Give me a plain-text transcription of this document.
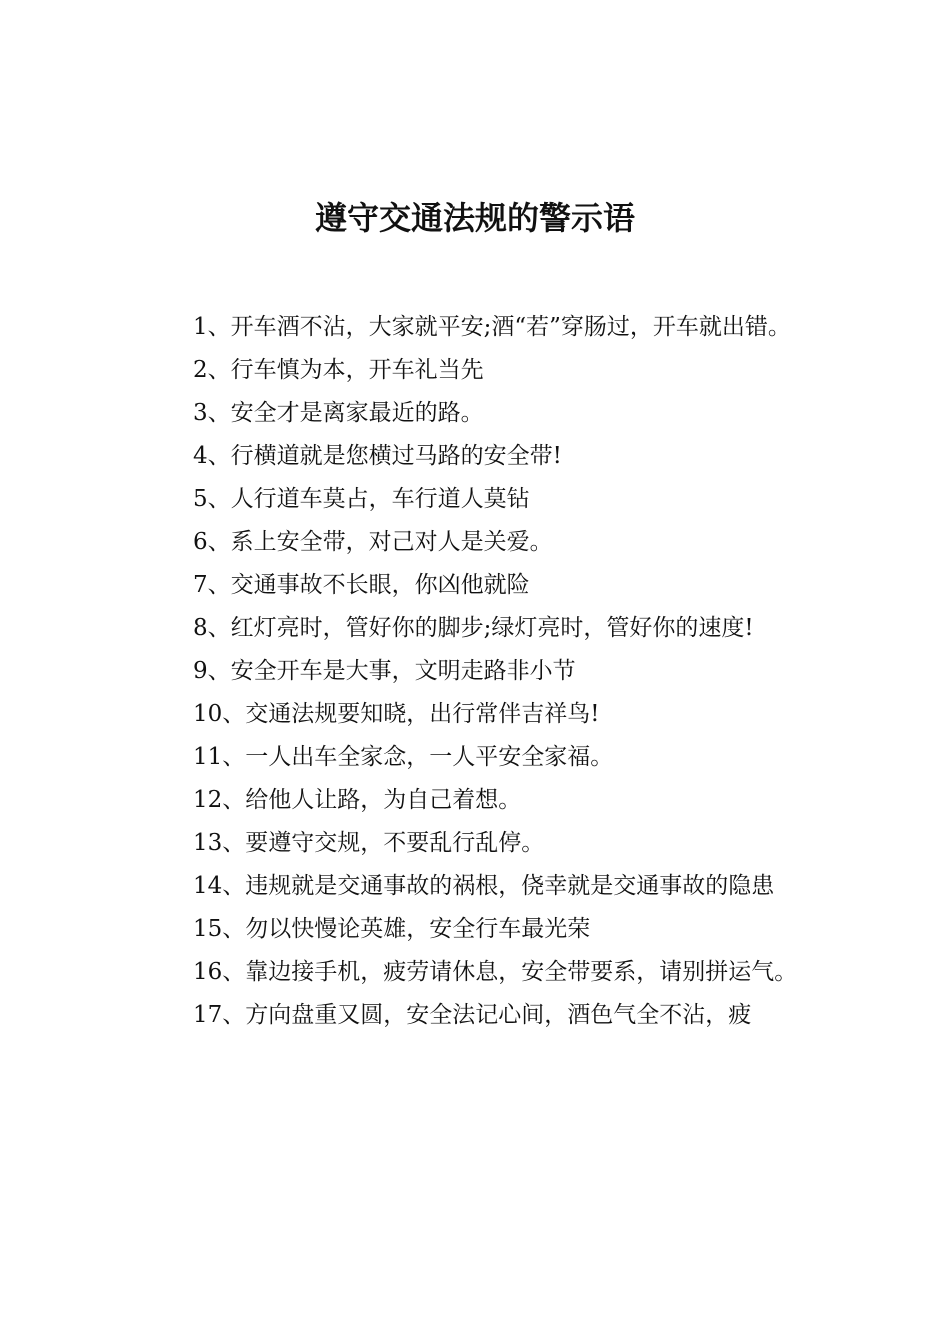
遵守交通法规的警示语

1、开车酒不沾，大家就平安;酒“若”穿肠过，开车就出错。

2、行车慎为本，开车礼当先

3、安全才是离家最近的路。

4、行横道就是您横过马路的安全带!

5、人行道车莫占，车行道人莫钻

6、系上安全带，对己对人是关爱。

7、交通事故不长眼，你凶他就险

8、红灯亮时，管好你的脚步;绿灯亮时，管好你的速度!

9、安全开车是大事，文明走路非小节

10、交通法规要知晓，出行常伴吉祥鸟!

11、一人出车全家念，一人平安全家福。

12、给他人让路，为自己着想。

13、要遵守交规，不要乱行乱停。

14、违规就是交通事故的祸根，侥幸就是交通事故的隐患

15、勿以快慢论英雄，安全行车最光荣

16、靠边接手机，疲劳请休息，安全带要系，请别拼运气。

17、方向盘重又圆，安全法记心间，酒色气全不沾，疲
